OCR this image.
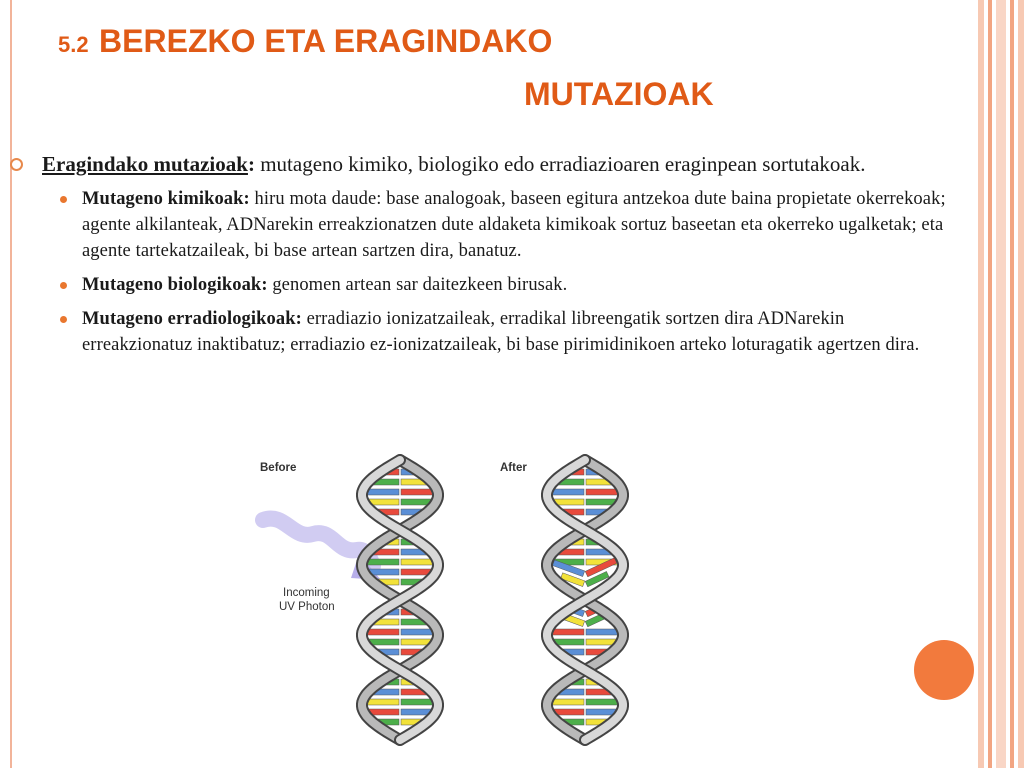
5.2 BEREZKO ETA ERAGINDAKO
MUTAZIOAK
Eragindako mutazioak: mutageno kimiko, biologiko edo erradiazioaren eraginpean sortutakoak.
Mutageno kimikoak: hiru mota daude: base analogoak, baseen egitura antzekoa dute baina propietate okerrekoak; agente alkilanteak, ADNarekin erreakzionatzen dute aldaketa kimikoak sortuz baseetan eta okerreko ugalketak; eta agente tartekatzaileak, bi base artean sartzen dira, banatuz.
Mutageno biologikoak: genomen artean sar daitezkeen birusak.
Mutageno erradiologikoak: erradiazio ionizatzaileak, erradikal libreengatik sortzen dira ADNarekin erreakzionatuz inaktibatuz; erradiazio ez-ionizatzaileak, bi base pirimidinikoen arteko loturagatik agertzen dira.
Before	After
Incoming
UV Photon
